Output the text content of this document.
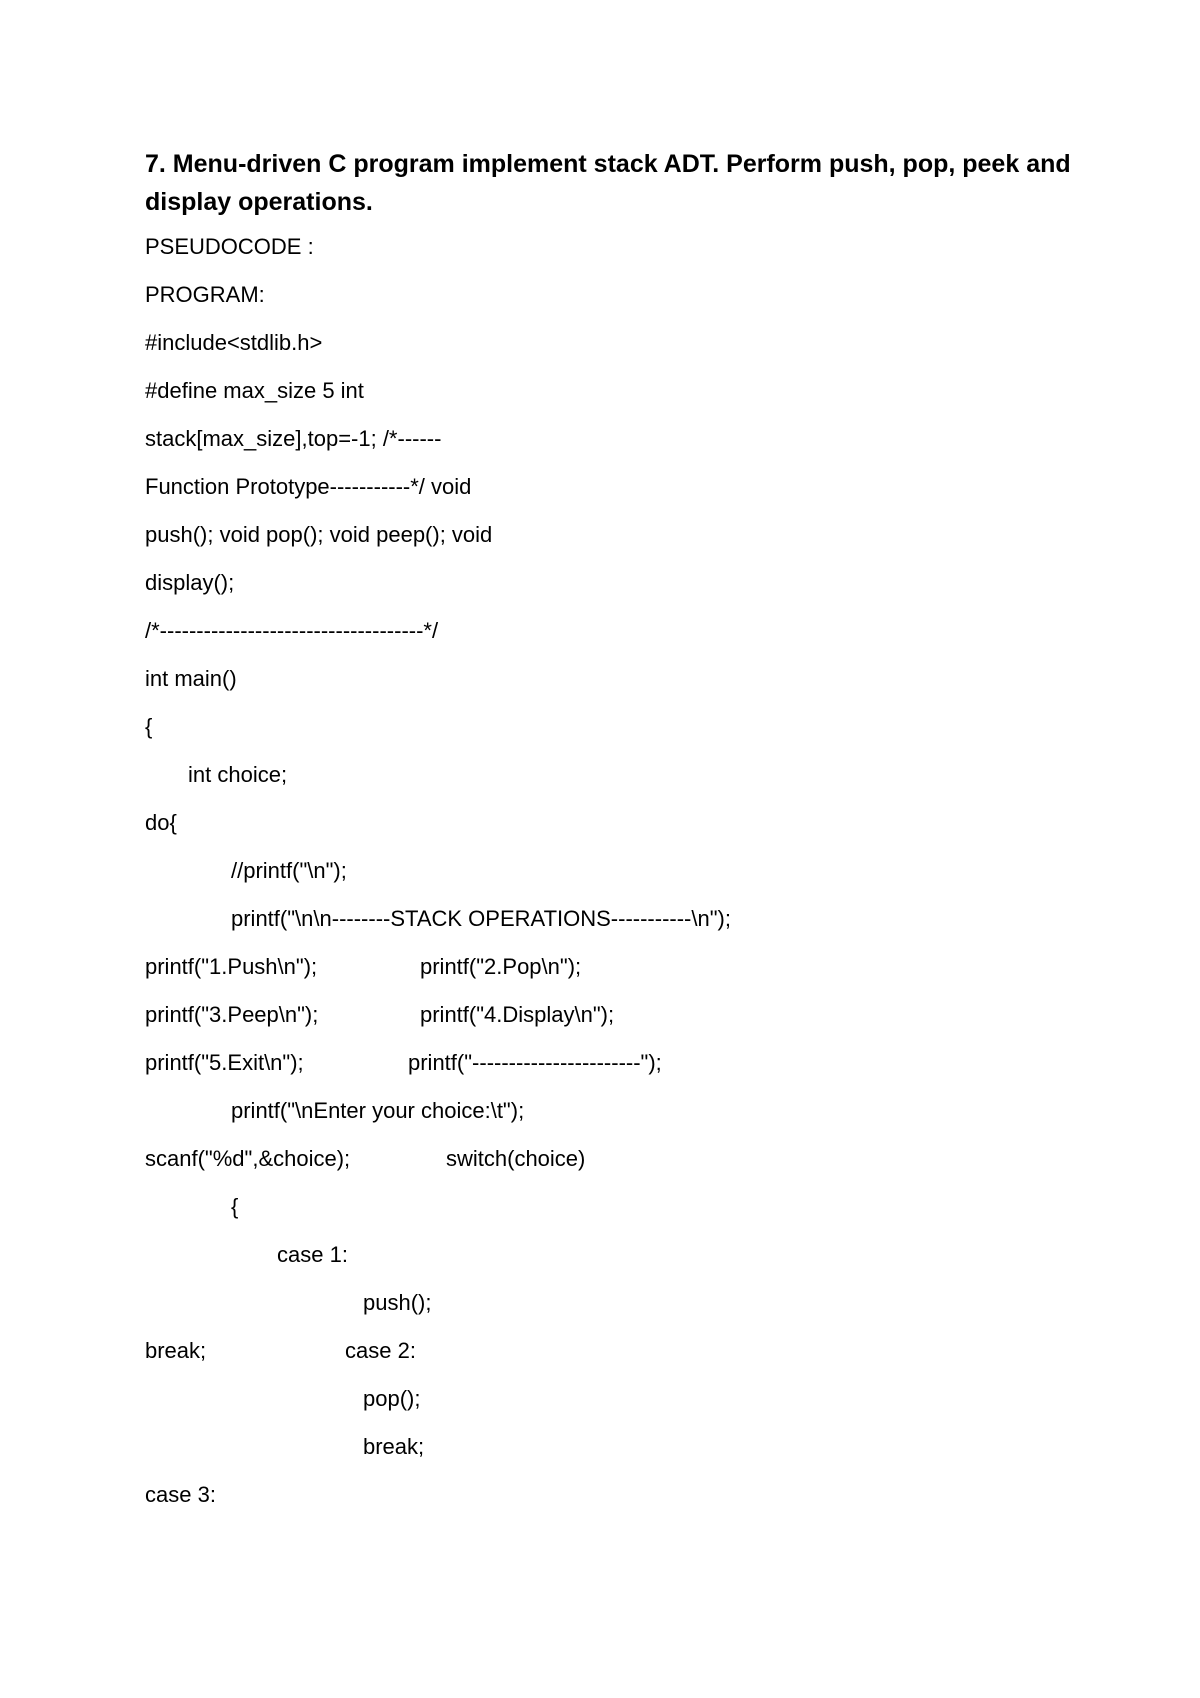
7. Menu-driven C program implement stack ADT. Perform push, pop, peek and display operations.
PSEUDOCODE :
PROGRAM:
#include<stdlib.h>
#define max_size 5 int
stack[max_size],top=-1; /*------
Function Prototype-----------*/ void
push(); void pop(); void peep(); void
display();
/*------------------------------------*/
int main()
{
int choice;
do{
//printf("\n");
printf("\n\n--------STACK OPERATIONS-----------\n");
printf("1.Push\n");	printf("2.Pop\n");
printf("3.Peep\n");	printf("4.Display\n");
printf("5.Exit\n");	printf("-----------------------");
printf("\nEnter your choice:\t");
scanf("%d",&choice);	switch(choice)
{
case 1:
push();
break;	case 2:
pop();
break;
case 3:
